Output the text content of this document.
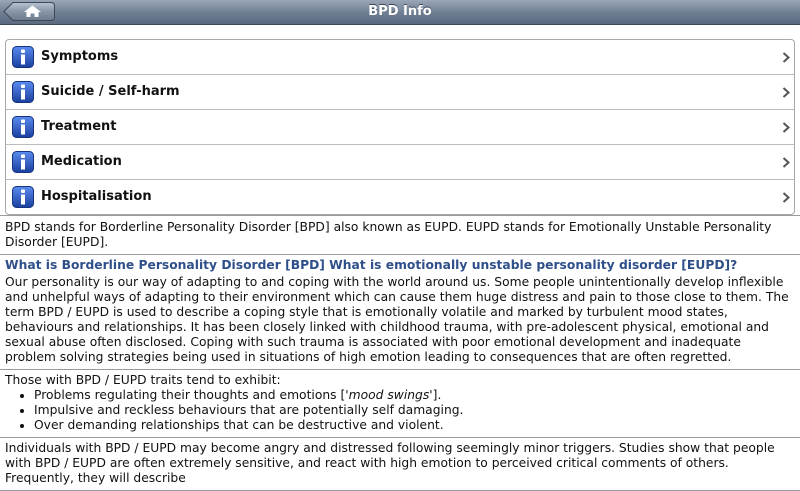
BPD Info
Symptoms
Suicide / Self-harm
Treatment
Medication
Hospitalisation
BPD stands for Borderline Personality Disorder [BPD] also known as EUPD. EUPD stands for Emotionally Unstable Personality Disorder [EUPD].
What is Borderline Personality Disorder [BPD] What is emotionally unstable personality disorder [EUPD]?
Our personality is our way of adapting to and coping with the world around us. Some people unintentionally develop inflexible and unhelpful ways of adapting to their environment which can cause them huge distress and pain to those close to them. The term BPD / EUPD is used to describe a coping style that is emotionally volatile and marked by turbulent mood states, behaviours and relationships. It has been closely linked with childhood trauma, with pre-adolescent physical, emotional and sexual abuse often disclosed. Coping with such trauma is associated with poor emotional development and inadequate problem solving strategies being used in situations of high emotion leading to consequences that are often regretted.
Those with BPD / EUPD traits tend to exhibit:
• Problems regulating their thoughts and emotions ['mood swings'].
• Impulsive and reckless behaviours that are potentially self damaging.
• Over demanding relationships that can be destructive and violent.
Individuals with BPD / EUPD may become angry and distressed following seemingly minor triggers. Studies show that people with BPD / EUPD are often extremely sensitive, and react with high emotion to perceived critical comments of others. Frequently, they will describe
